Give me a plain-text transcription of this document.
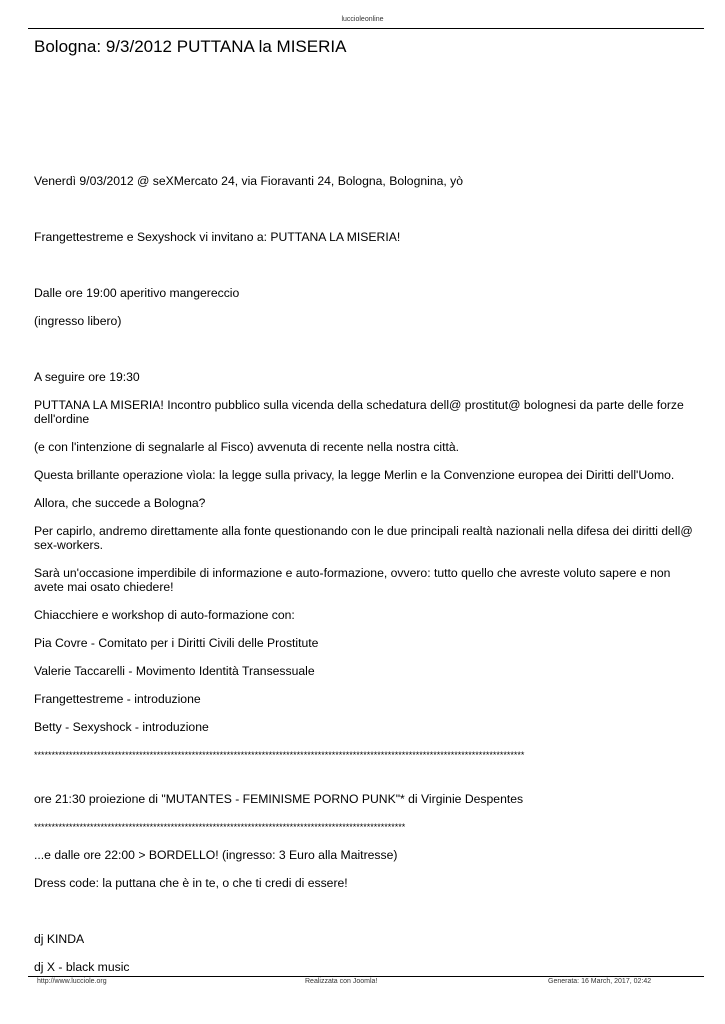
luccioleonline
Bologna: 9/3/2012 PUTTANA la MISERIA

Venerdì 9/03/2012 @ seXMercato 24, via Fioravanti 24, Bologna, Bolognina, yò

Frangettestreme e Sexyshock vi invitano a: PUTTANA LA MISERIA!

Dalle ore 19:00 aperitivo mangereccio

(ingresso libero)

A seguire ore 19:30

PUTTANA LA MISERIA! Incontro pubblico sulla vicenda della schedatura dell@ prostitut@ bolognesi da parte delle forze dell'ordine

(e con l'intenzione di segnalarle al Fisco) avvenuta di recente nella nostra città.

Questa brillante operazione vìola: la legge sulla privacy, la legge Merlin e la Convenzione europea dei Diritti dell'Uomo.

Allora, che succede a Bologna?

Per capirlo, andremo direttamente alla fonte questionando con le due principali realtà nazionali nella difesa dei diritti dell@ sex-workers.

Sarà un'occasione imperdibile di informazione e auto-formazione, ovvero: tutto quello che avreste voluto sapere e non avete mai osato chiedere!

Chiacchiere e workshop di auto-formazione con:

Pia Covre - Comitato per i Diritti Civili delle Prostitute

Valerie Taccarelli - Movimento Identità Transessuale

Frangettestreme - introduzione

Betty - Sexyshock - introduzione

********************************************************************************************************************************************

ore 21:30 proiezione di "MUTANTES - FEMINISME PORNO PUNK"* di Virginie Despentes

**********************************************************************************************************

...e dalle ore 22:00 > BORDELLO! (ingresso: 3 Euro alla Maitresse)

Dress code: la puttana che è in te, o che ti credi di essere!

dj KINDA

dj X - black music

http://www.lucciole.org	Realizzata con Joomla!	Generata: 16 March, 2017, 02:42
